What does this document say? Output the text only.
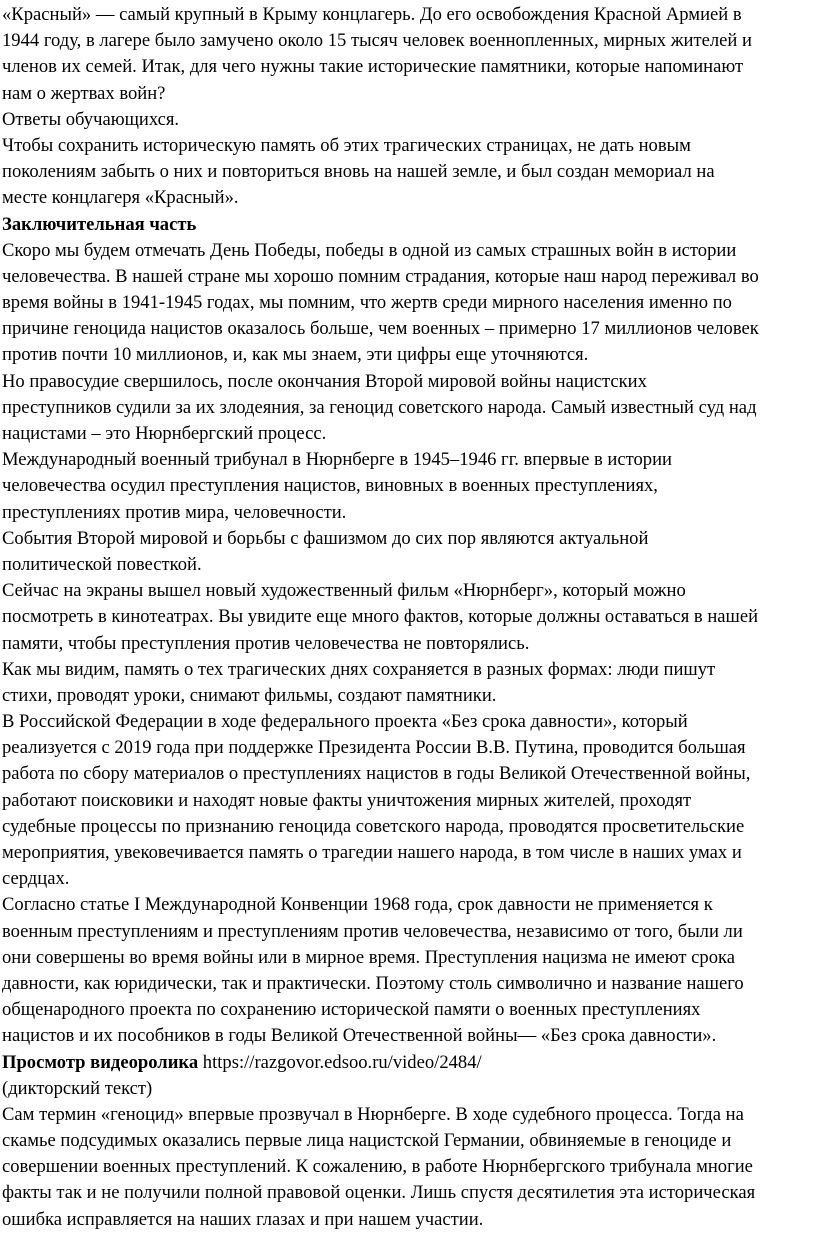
«Красный» — самый крупный в Крыму концлагерь. До его освобождения Красной Армией в
1944 году, в лагере было замучено около 15 тысяч человек военнопленных, мирных жителей и
членов их семей. Итак, для чего нужны такие исторические памятники, которые напоминают
нам о жертвах войн?
Ответы обучающихся.
Чтобы сохранить историческую память об этих трагических страницах, не дать новым
поколениям забыть о них и повториться вновь на нашей земле, и был создан мемориал на
месте концлагеря «Красный».
Заключительная часть
Скоро мы будем отмечать День Победы, победы в одной из самых страшных войн в истории
человечества. В нашей стране мы хорошо помним страдания, которые наш народ переживал во
время войны в 1941-1945 годах, мы помним, что жертв среди мирного населения именно по
причине геноцида нацистов оказалось больше, чем военных – примерно 17 миллионов человек
против почти 10 миллионов, и, как мы знаем, эти цифры еще уточняются.
Но правосудие свершилось, после окончания Второй мировой войны нацистских
преступников судили за их злодеяния, за геноцид советского народа. Самый известный суд над
нацистами – это Нюрнбергский процесс.
Международный военный трибунал в Нюрнберге в 1945–1946 гг. впервые в истории
человечества осудил преступления нацистов, виновных в военных преступлениях,
преступлениях против мира, человечности.
События Второй мировой и борьбы с фашизмом до сих пор являются актуальной
политической повесткой.
Сейчас на экраны вышел новый художественный фильм «Нюрнберг», который можно
посмотреть в кинотеатрах. Вы увидите еще много фактов, которые должны оставаться в нашей
памяти, чтобы преступления против человечества не повторялись.
Как мы видим, память о тех трагических днях сохраняется в разных формах: люди пишут
стихи, проводят уроки, снимают фильмы, создают памятники.
В Российской Федерации в ходе федерального проекта «Без срока давности», который
реализуется с 2019 года при поддержке Президента России В.В. Путина, проводится большая
работа по сбору материалов о преступлениях нацистов в годы Великой Отечественной войны,
работают поисковики и находят новые факты уничтожения мирных жителей, проходят
судебные процессы по признанию геноцида советского народа, проводятся просветительские
мероприятия, увековечивается память о трагедии нашего народа, в том числе в наших умах и
сердцах.
Согласно статье I Международной Конвенции 1968 года, срок давности не применяется к
военным преступлениям и преступлениям против человечества, независимо от того, были ли
они совершены во время войны или в мирное время. Преступления нацизма не имеют срока
давности, как юридически, так и практически. Поэтому столь символично и название нашего
общенародного проекта по сохранению исторической памяти о военных преступлениях
нацистов и их пособников в годы Великой Отечественной войны— «Без срока давности».
Просмотр видеоролика https://razgovor.edsoo.ru/video/2484/
(дикторский текст)
Сам термин «геноцид» впервые прозвучал в Нюрнберге. В ходе судебного процесса. Тогда на
скамье подсудимых оказались первые лица нацистской Германии, обвиняемые в геноциде и
совершении военных преступлений. К сожалению, в работе Нюрнбергского трибунала многие
факты так и не получили полной правовой оценки. Лишь спустя десятилетия эта историческая
ошибка исправляется на наших глазах и при нашем участии.
